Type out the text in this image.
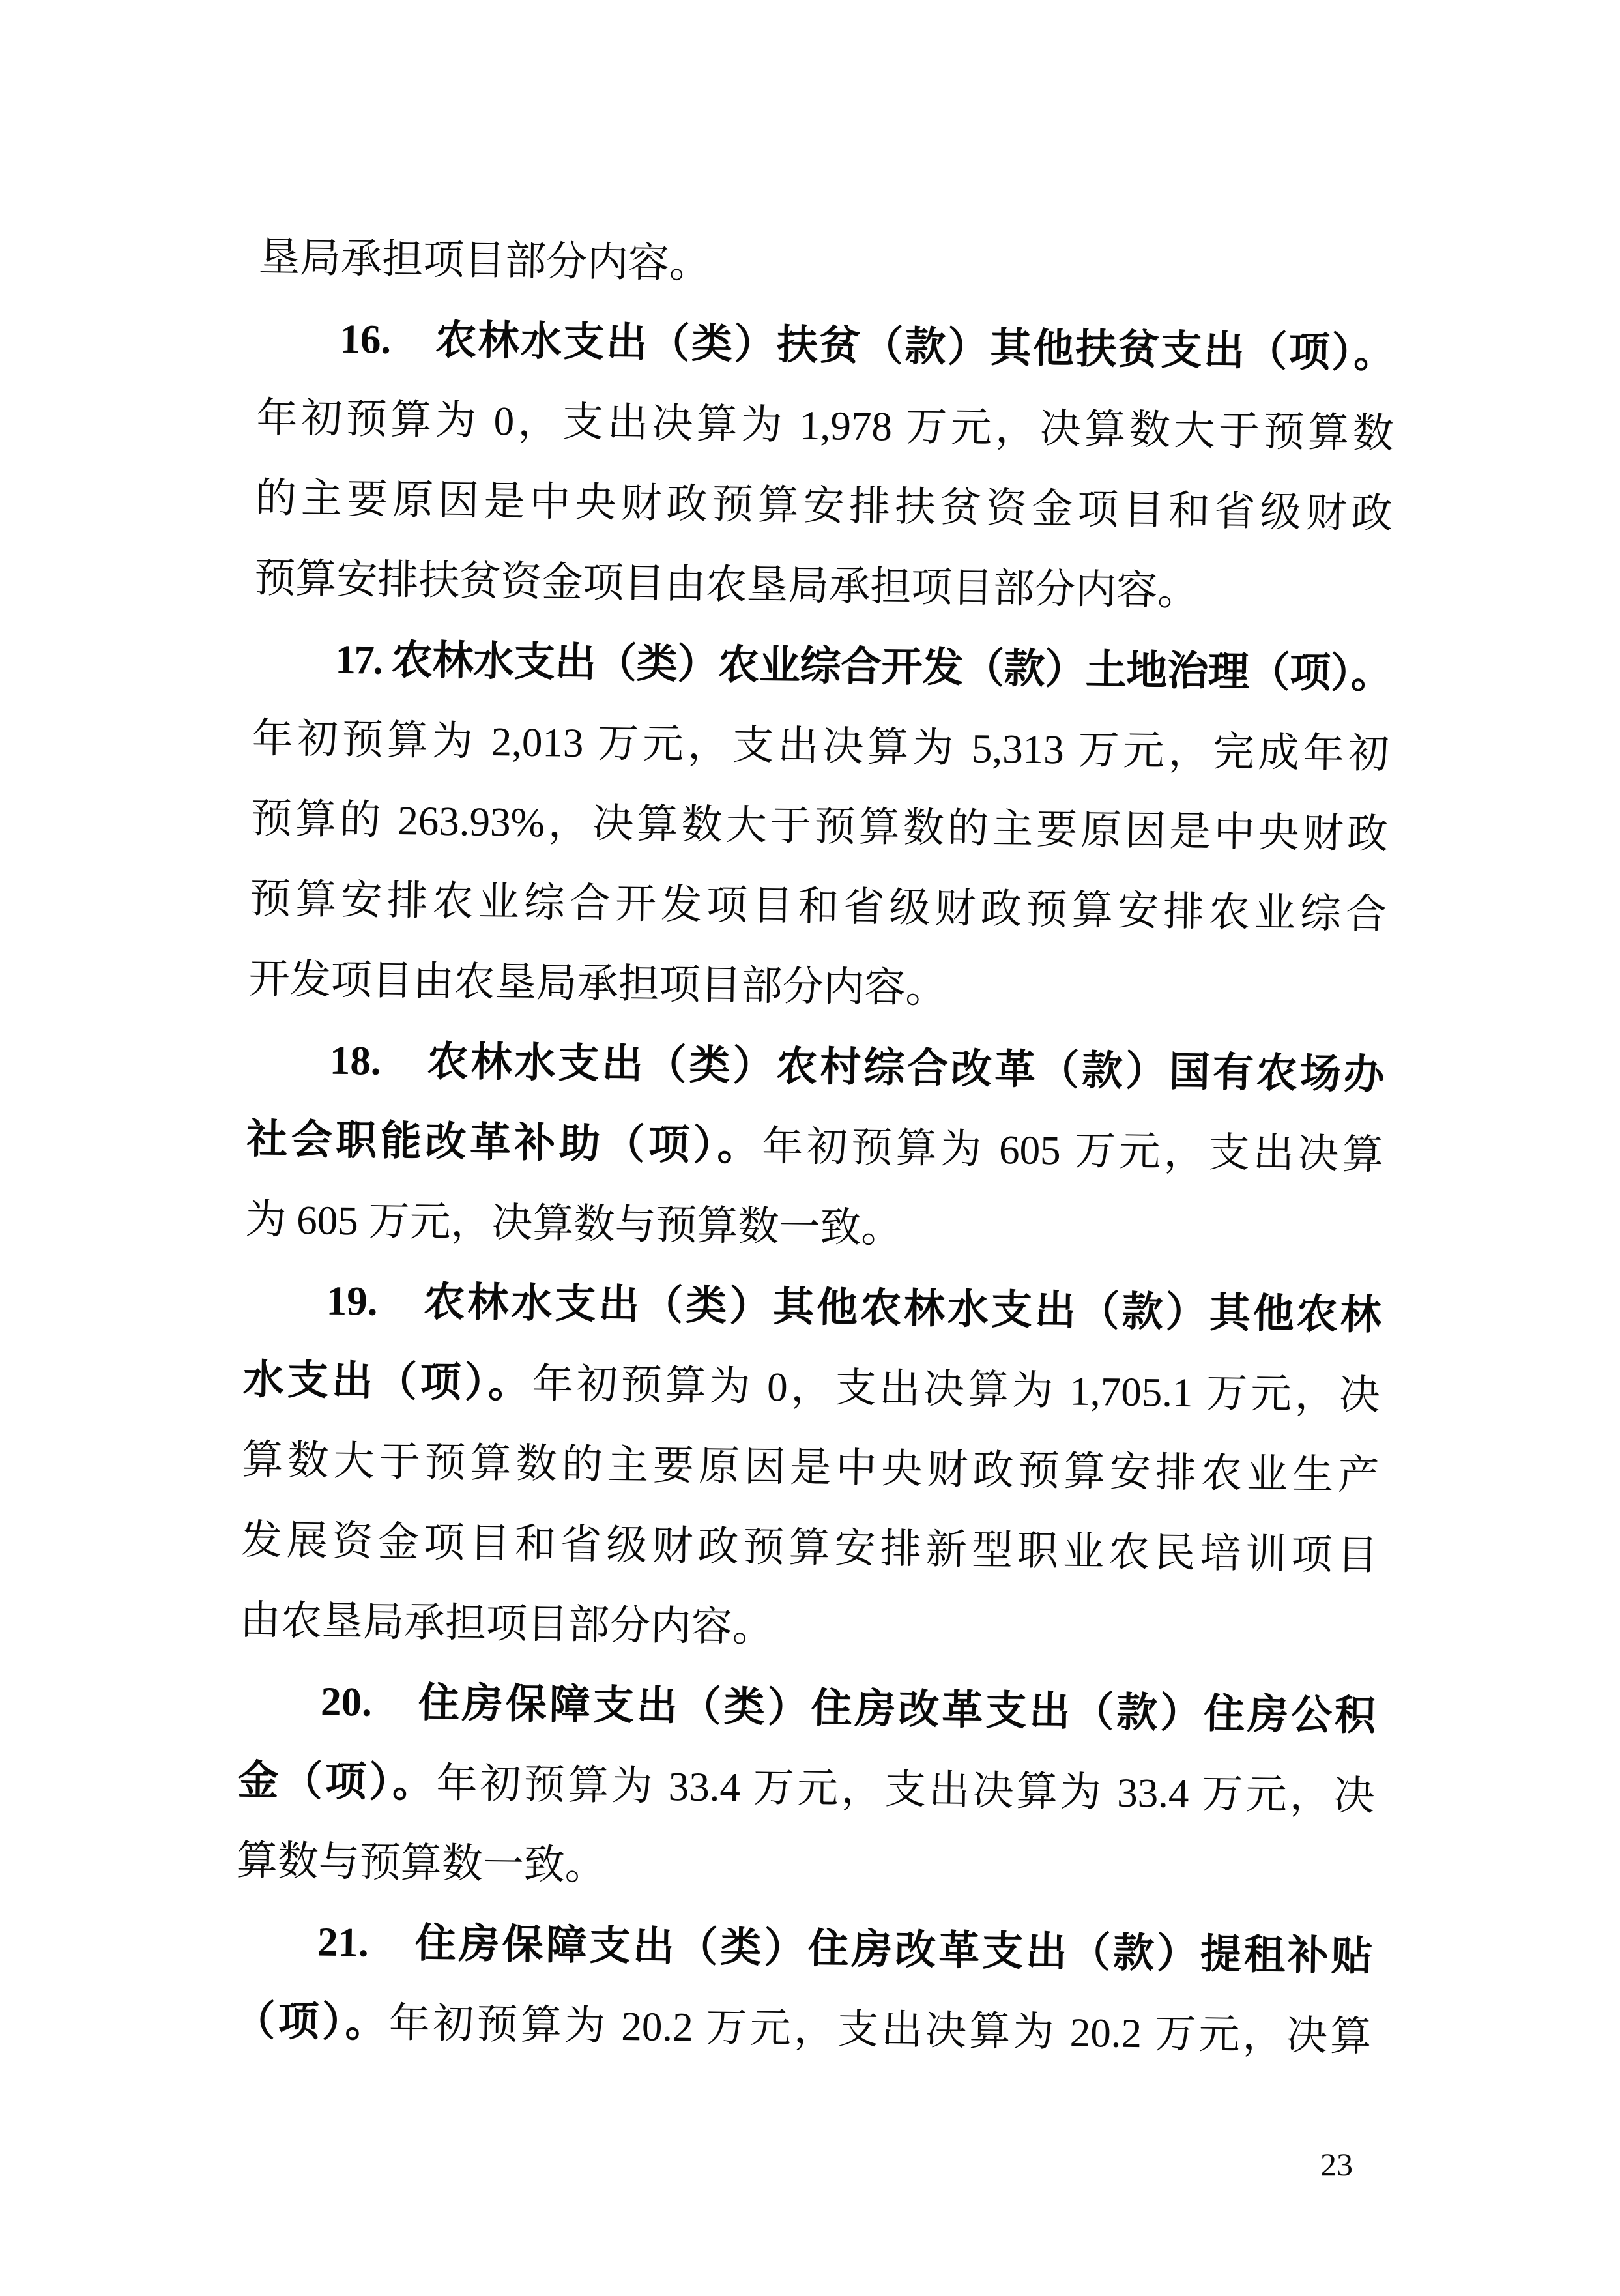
垦局承担项目部分内容。
16.　农林水支出（类）扶贫（款）其他扶贫支出（项）。
年初预算为 0，支出决算为 1,978 万元，决算数大于预算数
的主要原因是中央财政预算安排扶贫资金项目和省级财政
预算安排扶贫资金项目由农垦局承担项目部分内容。
17. 农林水支出（类）农业综合开发（款）土地治理（项）。
年初预算为 2,013 万元，支出决算为 5,313 万元，完成年初
预算的 263.93%，决算数大于预算数的主要原因是中央财政
预算安排农业综合开发项目和省级财政预算安排农业综合
开发项目由农垦局承担项目部分内容。
18.　农林水支出（类）农村综合改革（款）国有农场办
社会职能改革补助（项）。年初预算为 605 万元，支出决算
为 605 万元，决算数与预算数一致。
19.　农林水支出（类）其他农林水支出（款）其他农林
水支出（项）。年初预算为 0，支出决算为 1,705.1 万元，决
算数大于预算数的主要原因是中央财政预算安排农业生产
发展资金项目和省级财政预算安排新型职业农民培训项目
由农垦局承担项目部分内容。
20.　住房保障支出（类）住房改革支出（款）住房公积
金（项）。年初预算为 33.4 万元，支出决算为 33.4 万元，决
算数与预算数一致。
21.　住房保障支出（类）住房改革支出（款）提租补贴
（项）。年初预算为 20.2 万元，支出决算为 20.2 万元，决算
23
